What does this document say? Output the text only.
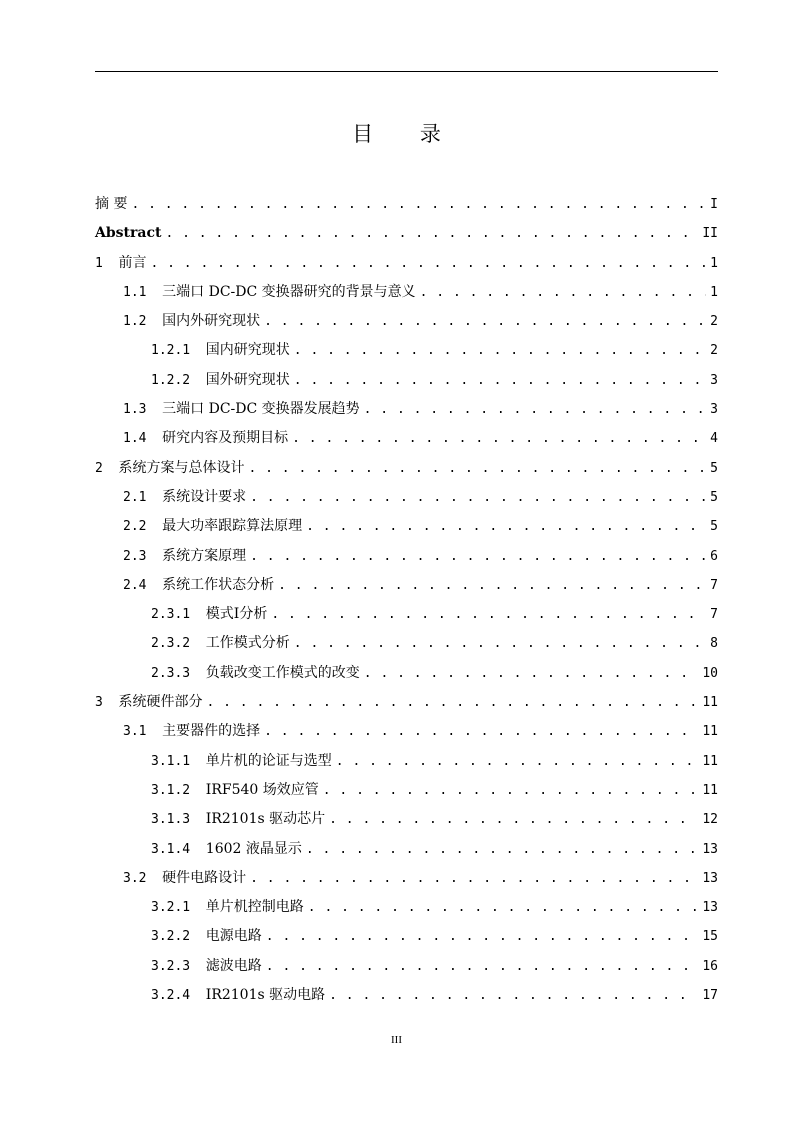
目 录
摘 要 . . .	I
Abstract . . .	II
1 前言 . . .	1
1.1 三端口 DC-DC 变换器研究的背景与意义 . . .	1
1.2 国内外研究现状 . . .	2
1.2.1 国内研究现状 . . .	2
1.2.2 国外研究现状 . . .	3
1.3 三端口 DC-DC 变换器发展趋势 . . .	3
1.4 研究内容及预期目标 . . .	4
2 系统方案与总体设计 . . .	5
2.1 系统设计要求 . . .	5
2.2 最大功率跟踪算法原理 . . .	5
2.3 系统方案原理 . . .	6
2.4 系统工作状态分析 . . .	7
2.3.1 模式Ⅰ分析 . . .	7
2.3.2 工作模式分析 . . .	8
2.3.3 负载改变工作模式的改变 . . .	10
3 系统硬件部分 . . .	11
3.1 主要器件的选择 . . .	11
3.1.1 单片机的论证与选型 . . .	11
3.1.2 IRF540 场效应管 . . .	11
3.1.3 IR2101s 驱动芯片 . . .	12
3.1.4 1602 液晶显示 . . .	13
3.2 硬件电路设计 . . .	13
3.2.1 单片机控制电路 . . .	13
3.2.2 电源电路 . . .	15
3.2.3 滤波电路 . . .	16
3.2.4 IR2101s 驱动电路 . . .	17
III
